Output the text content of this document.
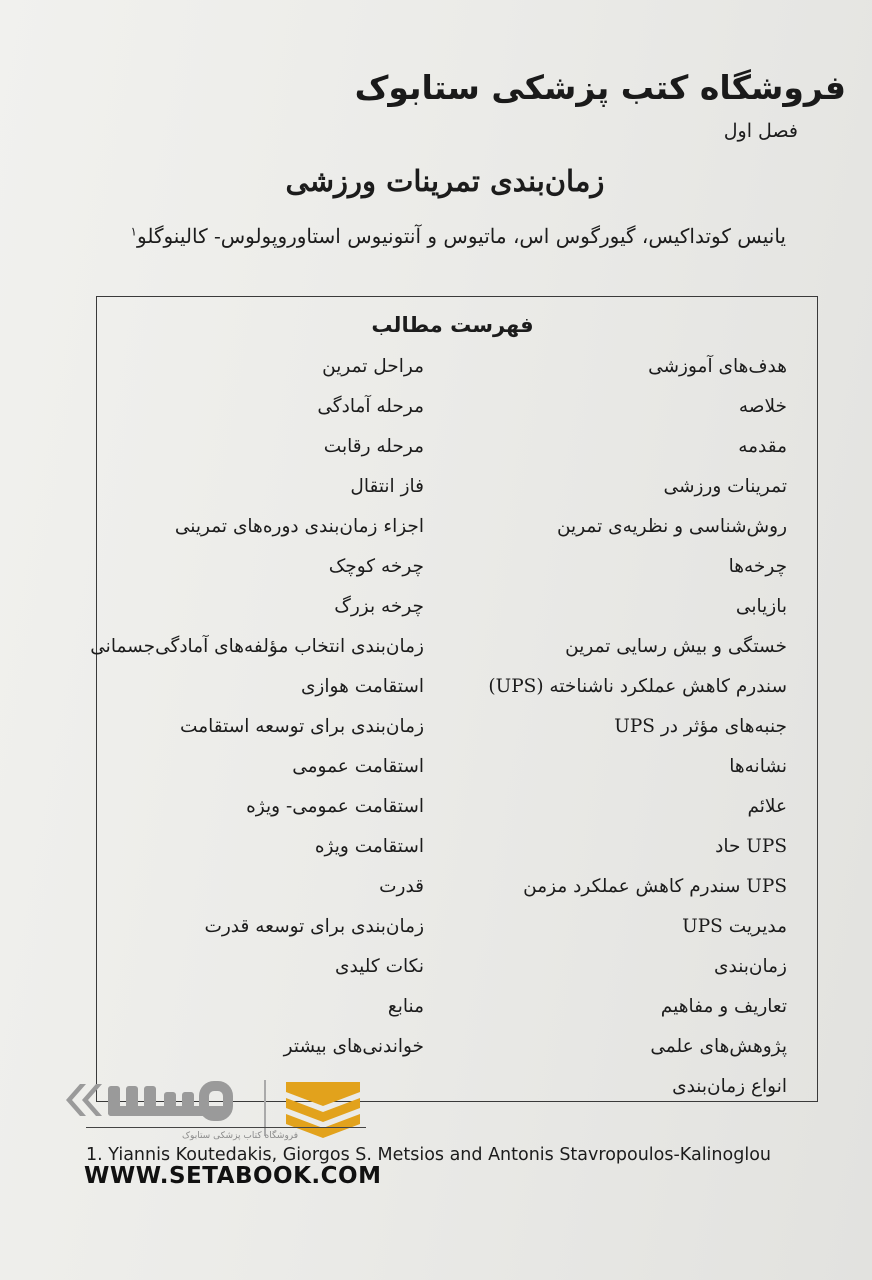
فروشگاه کتب پزشکی ستابوک
فصل اول
زمان‌بندی تمرینات ورزشی
یانیس کوتداکیس، گیورگوس اس، ماتیوس و آنتونیوس استاوروپولوس- کالینوگلو$^۱$
فهرست مطالب
هدف‌های آموزشی
خلاصه
مقدمه
تمرینات ورزشی
روش‌شناسی و نظریه‌ی تمرین
چرخه‌ها
بازیابی
خستگی و بیش رسایی تمرین
سندرم کاهش عملکرد ناشناخته (UPS)
جنبه‌های مؤثر در UPS
نشانه‌ها
علائم
UPS حاد
UPS سندرم کاهش عملکرد مزمن
مدیریت UPS
زمان‌بندی
تعاریف و مفاهیم
پژوهش‌های علمی
انواع زمان‌بندی
مراحل تمرین
مرحله آمادگی
مرحله رقابت
فاز انتقال
اجزاء زمان‌بندی دوره‌های تمرینی
چرخه کوچک
چرخه بزرگ
زمان‌بندی انتخاب مؤلفه‌های آمادگی‌جسمانی
استقامت هوازی
زمان‌بندی برای توسعه استقامت
استقامت عمومی
استقامت عمومی- ویژه
استقامت ویژه
قدرت
زمان‌بندی برای توسعه قدرت
نکات کلیدی
منابع
خواندنی‌های بیشتر
فروشگاه کتاب پزشکی ستابوک
1. Yiannis Koutedakis, Giorgos S. Metsios and Antonis Stavropoulos-Kalinoglou
WWW.SETABOOK.COM
